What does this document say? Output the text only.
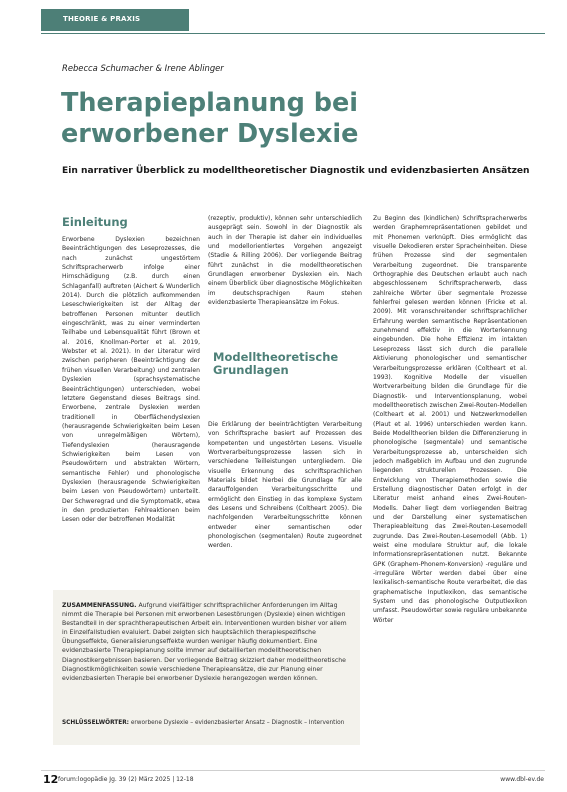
THEORIE & PRAXIS
Rebecca Schumacher & Irene Ablinger
Therapieplanung bei
erworbener Dyslexie
Ein narrativer Überblick zu modelltheoretischer Diagnostik und evidenzbasierten Ansätzen
Einleitung
Erworbene Dyslexien bezeichnen Beeinträchtigungen des Leseprozesses, die nach zunächst ungestörtem Schriftspracherwerb infolge einer Hirnschädigung (z.B. durch einen Schlaganfall) auftreten (Aichert & Wunderlich 2014). Durch die plötzlich aufkommenden Leseschwierigkeiten ist der Alltag der betroffenen Personen mitunter deutlich eingeschränkt, was zu einer verminderten Teilhabe und Lebensqualität führt (Brown et al. 2016, Knollman-Porter et al. 2019, Webster et al. 2021). In der Literatur wird zwischen peripheren (Beeinträchtigung der frühen visuellen Verarbeitung) und zentralen Dyslexien (sprachsystematische Beeinträchtigungen) unterschieden, wobei letztere Gegenstand dieses Beitrags sind. Erworbene, zentrale Dyslexien werden traditionell in Oberflächendyslexien (herausragende Schwierigkeiten beim Lesen von unregelmäßigen Wörtern), Tiefendyslexien (herausragende Schwierigkeiten beim Lesen von Pseudowörtern und abstrakten Wörtern, semantische Fehler) und phonologische Dyslexien (herausragende Schwierigkeiten beim Lesen von Pseudowörtern) unterteilt. Der Schweregrad und die Symptomatik, etwa in den produzierten Fehlreaktionen beim Lesen oder der betroffenen Modalität
(rezeptiv, produktiv), können sehr unterschiedlich ausgeprägt sein. Sowohl in der Diagnostik als auch in der Therapie ist daher ein individuelles und modellorientiertes Vorgehen angezeigt (Stadie & Rilling 2006). Der vorliegende Beitrag führt zunächst in die modelltheoretischen Grundlagen erworbener Dyslexien ein. Nach einem Überblick über diagnostische Möglichkeiten im deutschsprachigen Raum stehen evidenzbasierte Therapieansätze im Fokus.
Modelltheoretische Grundlagen
Die Erklärung der beeinträchtigten Verarbeitung von Schriftsprache basiert auf Prozessen des kompetenten und ungestörten Lesens. Visuelle Wortverarbeitungsprozesse lassen sich in verschiedene Teilleistungen untergliedern. Die visuelle Erkennung des schriftsprachlichen Materials bildet hierbei die Grundlage für alle darauffolgenden Verarbeitungsschritte und ermöglicht den Einstieg in das komplexe System des Lesens und Schreibens (Coltheart 2005). Die nachfolgenden Verarbeitungsschritte können entweder einer semantischen oder phonologischen (segmentalen) Route zugeordnet werden.
Zu Beginn des (kindlichen) Schriftspracherwerbs werden Graphemrepräsentationen gebildet und mit Phonemen verknüpft. Dies ermöglicht das visuelle Dekodieren erster Spracheinheiten. Diese frühen Prozesse sind der segmentalen Verarbeitung zugeordnet. Die transparente Orthographie des Deutschen erlaubt auch nach abgeschlossenem Schriftspracherwerb, dass zahlreiche Wörter über segmentale Prozesse fehlerfrei gelesen werden können (Fricke et al. 2009). Mit voranschreitender schriftsprachlicher Erfahrung werden semantische Repräsentationen zunehmend effektiv in die Worterkennung eingebunden. Die hohe Effizienz im intakten Leseprozess lässt sich durch die parallele Aktivierung phonologischer und semantischer Verarbeitungsprozesse erklären (Coltheart et al. 1993). Kognitive Modelle der visuellen Wortverarbeitung bilden die Grundlage für die Diagnostik- und Interventionsplanung, wobei modelltheoretisch zwischen Zwei-Routen-Modellen (Coltheart et al. 2001) und Netzwerkmodellen (Plaut et al. 1996) unterschieden werden kann. Beide Modelltheorien bilden die Differenzierung in phonologische (segmentale) und semantische Verarbeitungsprozesse ab, unterscheiden sich jedoch maßgeblich im Aufbau und den zugrunde liegenden strukturellen Prozessen. Die Entwicklung von Therapiemethoden sowie die Erstellung diagnostischer Daten erfolgt in der Literatur meist anhand eines Zwei-Routen-Modells. Daher liegt dem vorliegenden Beitrag und der Darstellung einer systematischen Therapieableitung das Zwei-Routen-Lesemodell zugrunde. Das Zwei-Routen-Lesemodell (Abb. 1) weist eine modulare Struktur auf, die lokale Informationsrepräsentationen nutzt. Bekannte GPK (Graphem-Phonem-Konversion) -reguläre und -irreguläre Wörter werden dabei über eine lexikalisch-semantische Route verarbeitet, die das graphematische Inputlexikon, das semantische System und das phonologische Outputlexikon umfasst. Pseudowörter sowie reguläre unbekannte Wörter
ZUSAMMENFASSUNG. Aufgrund vielfältiger schriftsprachlicher Anforderungen im Alltag nimmt die Therapie bei Personen mit erworbenen Lesestörungen (Dyslexie) einen wichtigen Bestandteil in der sprachtherapeutischen Arbeit ein. Interventionen wurden bisher vor allem in Einzelfallstudien evaluiert. Dabei zeigten sich hauptsächlich therapiespezifische Übungseffekte, Generalisierungseffekte wurden weniger häufig dokumentiert. Eine evidenzbasierte Therapieplanung sollte immer auf detaillierten modelltheoretischen Diagnostikergebnissen basieren. Der vorliegende Beitrag skizziert daher modelltheoretische Diagnostikmöglichkeiten sowie verschiedene Therapieansätze, die zur Planung einer evidenzbasierten Therapie bei erworbener Dyslexie herangezogen werden können.
SCHLÜSSELWÖRTER: erworbene Dyslexie – evidenzbasierter Ansatz – Diagnostik – Intervention
12 forum:logopädie Jg. 39 (2) März 2025 | 12-18	www.dbl-ev.de
